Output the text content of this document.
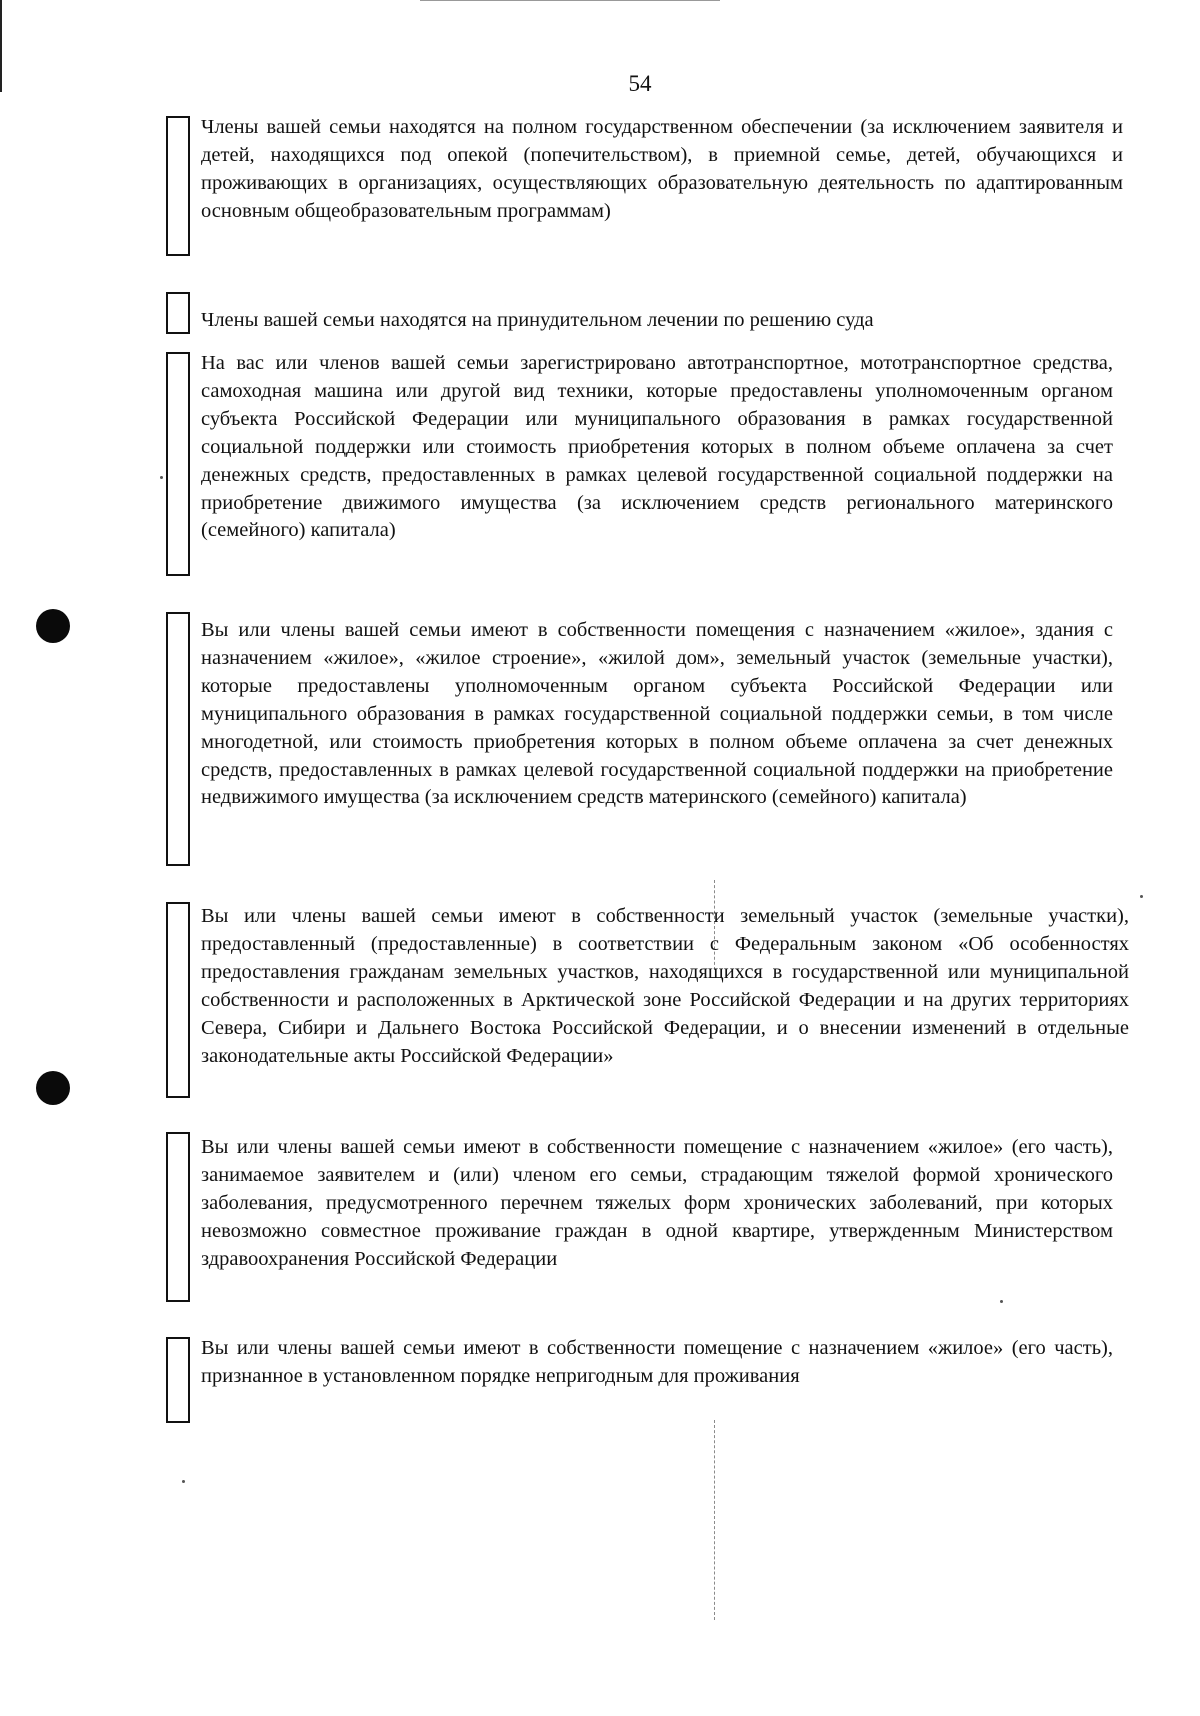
54
Члены вашей семьи находятся на полном государственном обеспечении (за исключением заявителя и детей, находящихся под опекой (попечительством), в приемной семье, детей, обучающихся и проживающих в организациях, осуществляющих образовательную деятельность по адаптированным основным общеобразовательным программам)
Члены вашей семьи находятся на принудительном лечении по решению суда
На вас или членов вашей семьи зарегистрировано автотранспортное, мототранспортное средства, самоходная машина или другой вид техники, которые предоставлены уполномоченным органом субъекта Российской Федерации или муниципального образования в рамках государственной социальной поддержки или стоимость приобретения которых в полном объеме оплачена за счет денежных средств, предоставленных в рамках целевой государственной социальной поддержки на приобретение движимого имущества (за исключением средств регионального материнского (семейного) капитала)
Вы или члены вашей семьи имеют в собственности помещения с назначением «жилое», здания с назначением «жилое», «жилое строение», «жилой дом», земельный участок (земельные участки), которые предоставлены уполномоченным органом субъекта Российской Федерации или муниципального образования в рамках государственной социальной поддержки семьи, в том числе многодетной, или стоимость приобретения которых в полном объеме оплачена за счет денежных средств, предоставленных в рамках целевой государственной социальной поддержки на приобретение недвижимого имущества (за исключением средств материнского (семейного) капитала)
Вы или члены вашей семьи имеют в собственности земельный участок (земельные участки), предоставленный (предоставленные) в соответствии с Федеральным законом «Об особенностях предоставления гражданам земельных участков, находящихся в государственной или муниципальной собственности и расположенных в Арктической зоне Российской Федерации и на других территориях Севера, Сибири и Дальнего Востока Российской Федерации, и о внесении изменений в отдельные законодательные акты Российской Федерации»
Вы или члены вашей семьи имеют в собственности помещение с назначением «жилое» (его часть), занимаемое заявителем и (или) членом его семьи, страдающим тяжелой формой хронического заболевания, предусмотренного перечнем тяжелых форм хронических заболеваний, при которых невозможно совместное проживание граждан в одной квартире, утвержденным Министерством здравоохранения Российской Федерации
Вы или члены вашей семьи имеют в собственности помещение с назначением «жилое» (его часть), признанное в установленном порядке непригодным для проживания
